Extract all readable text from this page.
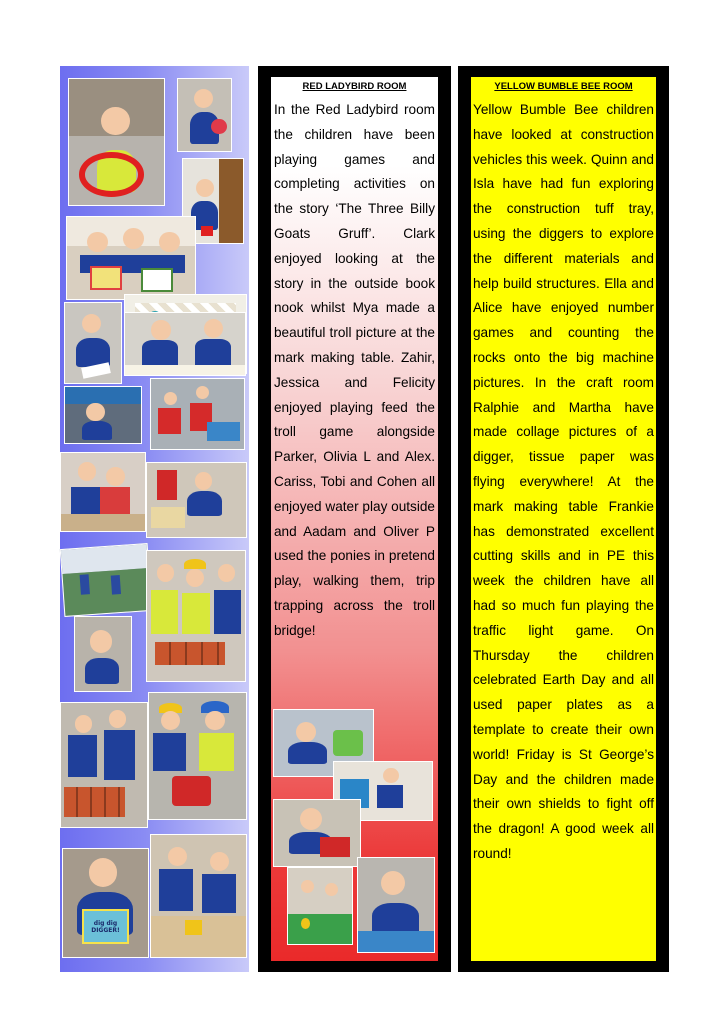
dig dig DIGGER!
RED LADYBIRD ROOM
In the Red Ladybird room the children have been playing games and completing activities on the story ‘The Three Billy Goats Gruff’. Clark enjoyed looking at the story in the outside book nook whilst Mya made a beautiful troll picture at the mark making table. Zahir, Jessica and Felicity enjoyed playing feed the troll game alongside Parker, Olivia L and Alex. Cariss, Tobi and Cohen all enjoyed water play outside and Aadam and Oliver P used the ponies in pretend play, walking them, trip trapping across the troll bridge!
YELLOW BUMBLE BEE ROOM
Yellow Bumble Bee children have looked at construction vehicles this week. Quinn and Isla have had fun exploring the construction tuff tray, using the diggers to explore the different materials and help build structures. Ella and Alice have enjoyed number games and counting the rocks onto the big machine pictures. In the craft room Ralphie and Martha have made collage pictures of a digger, tissue paper was flying everywhere! At the mark making table Frankie has demonstrated excellent cutting skills and in PE this week the children have all had so much fun playing the traffic light game. On Thursday the children celebrated Earth Day and all used paper plates as a template to create their own world! Friday is St George’s Day and the children made their own shields to fight off the dragon! A good week all round!
